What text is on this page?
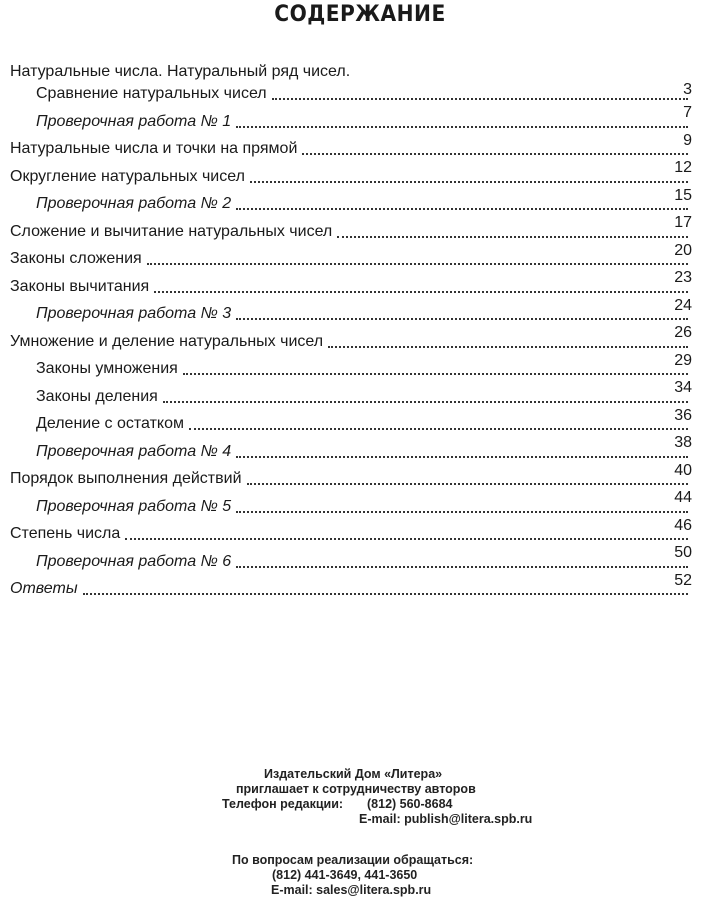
СОДЕРЖАНИЕ
Натуральные числа. Натуральный ряд чисел.
Сравнение натуральных чисел	3
Проверочная работа № 1	7
Натуральные числа и точки на прямой	9
Округление натуральных чисел	12
Проверочная работа № 2	15
Сложение и вычитание натуральных чисел	17
Законы сложения	20
Законы вычитания	23
Проверочная работа № 3	24
Умножение и деление натуральных чисел	26
Законы умножения	29
Законы деления	34
Деление с остатком	36
Проверочная работа № 4	38
Порядок выполнения действий	40
Проверочная работа № 5	44
Степень числа	46
Проверочная работа № 6	50
Ответы	52
Издательский Дом «Литера»
приглашает к сотрудничеству авторов
Телефон редакции: (812) 560-8684
E-mail: publish@litera.spb.ru
По вопросам реализации обращаться:
(812) 441-3649, 441-3650
E-mail: sales@litera.spb.ru
